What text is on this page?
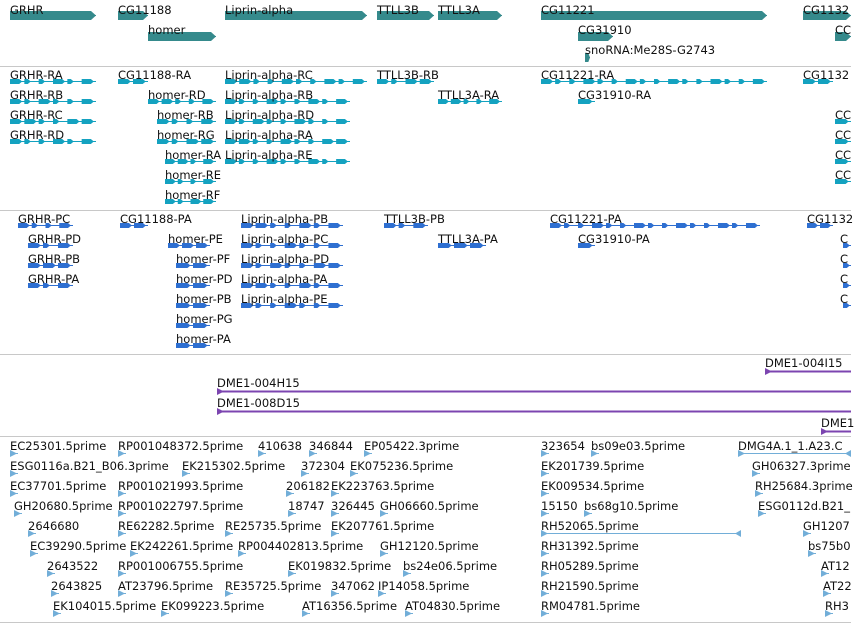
GRHR	CG11188
homer
Liprin-alpha	TTLL3B TTLL3A	CG11221
CG31910
snoRNA:Me28S-G2743
CG1132
CC
GRHR-RA
GRHR-RB
GRHR-RC
GRHR-RD
CG11188-RA
homer-RD
homer-RB
homer-RG
homer-RA
homer-RE
homer-RF
Liprin-alpha-RC
Liprin-alpha-RB
Liprin-alpha-RD
Liprin-alpha-RA
Liprin-alpha-RE
TTLL3B-RB
TTLL3A-RA
CG11221-RA
CG31910-RA
CG1132
CC
CC
CC
CC
GRHR-PC
GRHR-PD
GRHR-PB
GRHR-PA
CG11188-PA
homer-PE
homer-PF
homer-PD
homer-PB
homer-PG
homer-PA
Liprin-alpha-PB
Liprin-alpha-PC
Liprin-alpha-PD
Liprin-alpha-PA
Liprin-alpha-PE
TTLL3B-PB
TTLL3A-PA
CG11221-PA
CG31910-PA
CG1132
C
C
C
C
DME1-004I15
DME1-004H15
DME1-008D15
DME1
EC25301.5prime RP001048372.5prime 410638 346844 EP05422.3prime	323654 bs09e03.5prime	DMG4A.1_1.A23.C
ESG0116a.B21_B06.3prime EK215302.5prime 372304 EK075236.5prime	EK201739.5prime	GH06327.3prime
EC37701.5prime RP001021993.5prime	206182 EK223763.5prime	EK009534.5prime	RH25684.3prime
GH20680.5prime RP001022797.5prime	18747 326445 GH06660.5prime	15150 bs68g10.5prime	ESG0112d.B21_
2646680	RE62282.5prime RE25735.5prime EK207761.5prime	RH52065.5prime	GH1207
EC39290.5prime EK242261.5prime RP004402813.5prime GH12120.5prime	RH31392.5prime	bs75b0
2643522 RP001006755.5prime	EK019832.5prime bs24e06.5prime	RH05289.5prime	AT12
2643825 AT23796.5prime RE35725.5prime 347062 IP14058.5prime	RH21590.5prime	AT22
EK104015.5prime EK099223.5prime	AT16356.5prime AT04830.5prime	RM04781.5prime	RH3
